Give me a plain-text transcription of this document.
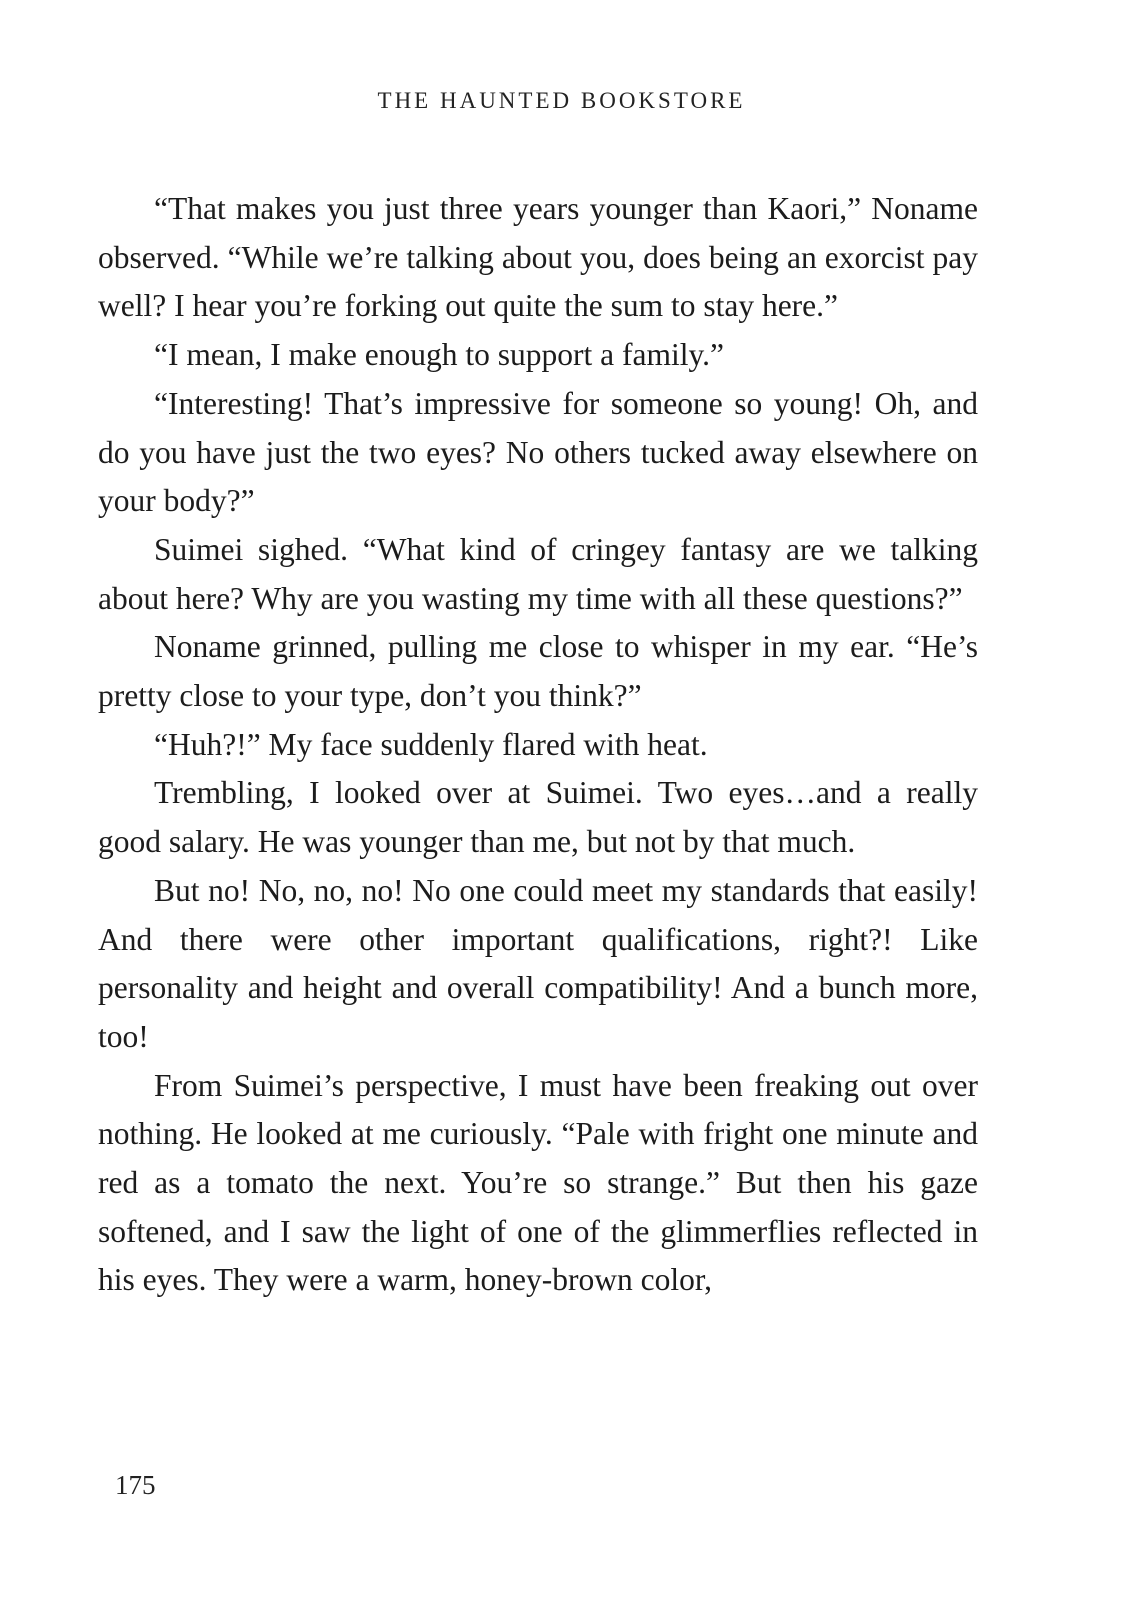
THE HAUNTED BOOKSTORE

“That makes you just three years younger than Kaori,” Noname observed. “While we’re talking about you, does being an exorcist pay well? I hear you’re forking out quite the sum to stay here.”

“I mean, I make enough to support a family.”

“Interesting! That’s impressive for someone so young! Oh, and do you have just the two eyes? No others tucked away elsewhere on your body?”

Suimei sighed. “What kind of cringey fantasy are we talking about here? Why are you wasting my time with all these questions?”

Noname grinned, pulling me close to whisper in my ear. “He’s pretty close to your type, don’t you think?”

“Huh?!” My face suddenly flared with heat.

Trembling, I looked over at Suimei. Two eyes…and a really good salary. He was younger than me, but not by that much.

But no! No, no, no! No one could meet my standards that easily! And there were other important qualifications, right?! Like personality and height and overall compatibility! And a bunch more, too!

From Suimei’s perspective, I must have been freaking out over nothing. He looked at me curiously. “Pale with fright one minute and red as a tomato the next. You’re so strange.” But then his gaze softened, and I saw the light of one of the glimmerflies reflected in his eyes. They were a warm, honey-brown color,

175
